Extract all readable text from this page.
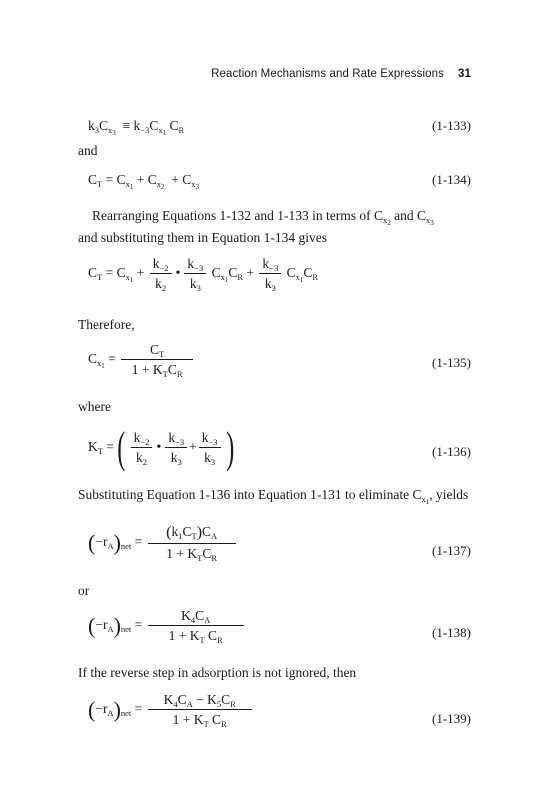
Reaction Mechanisms and Rate Expressions 31
$k_3C_{x_3} \equiv k_{-3}C_{x_1}$ $C_R$	(1-133)
and
$C_T = C_{x_1} + C_{x_2} + C_{x_3}$	(1-134)
Rearranging Equations 1-132 and 1-133 in terms of $C_{x_2}$ and $C_{x_3}$
and substituting them in Equation 1-134 gives
$C_T = C_{x_1} + \frac{k_{-2}}{k_2}$ • $\frac{k_{-3}}{k_3} C_{x_1}C_R + \frac{k_{-3}}{k_3} C_{x_1}C_R$
Therefore,
$C_{x_1} = \frac{C_T}{1 + K_TC_R}$	(1-135)
where
$K_T$ =( $\frac{k_{-2}}{k_2}$ • $\frac{k_{-3}}{k_3} + \frac{k_{-3}}{k_3}$ )	(1-136)
Substituting Equation 1-136 into Equation 1-131 to eliminate $C_{x_1}$, yields
$(-r_A)_{net} = \frac{(k_1C_T)C_A}{1 + K_TC_R}$	(1-137)
or
$(-r_A)_{net} = \frac{K_4C_A}{1 + K_T C_R}$	(1-138)
If the reverse step in adsorption is not ignored, then
$(-r_A)_{net} = \frac{K_4C_A - K_5C_R}{1 + K_T C_R}$	(1-139)
